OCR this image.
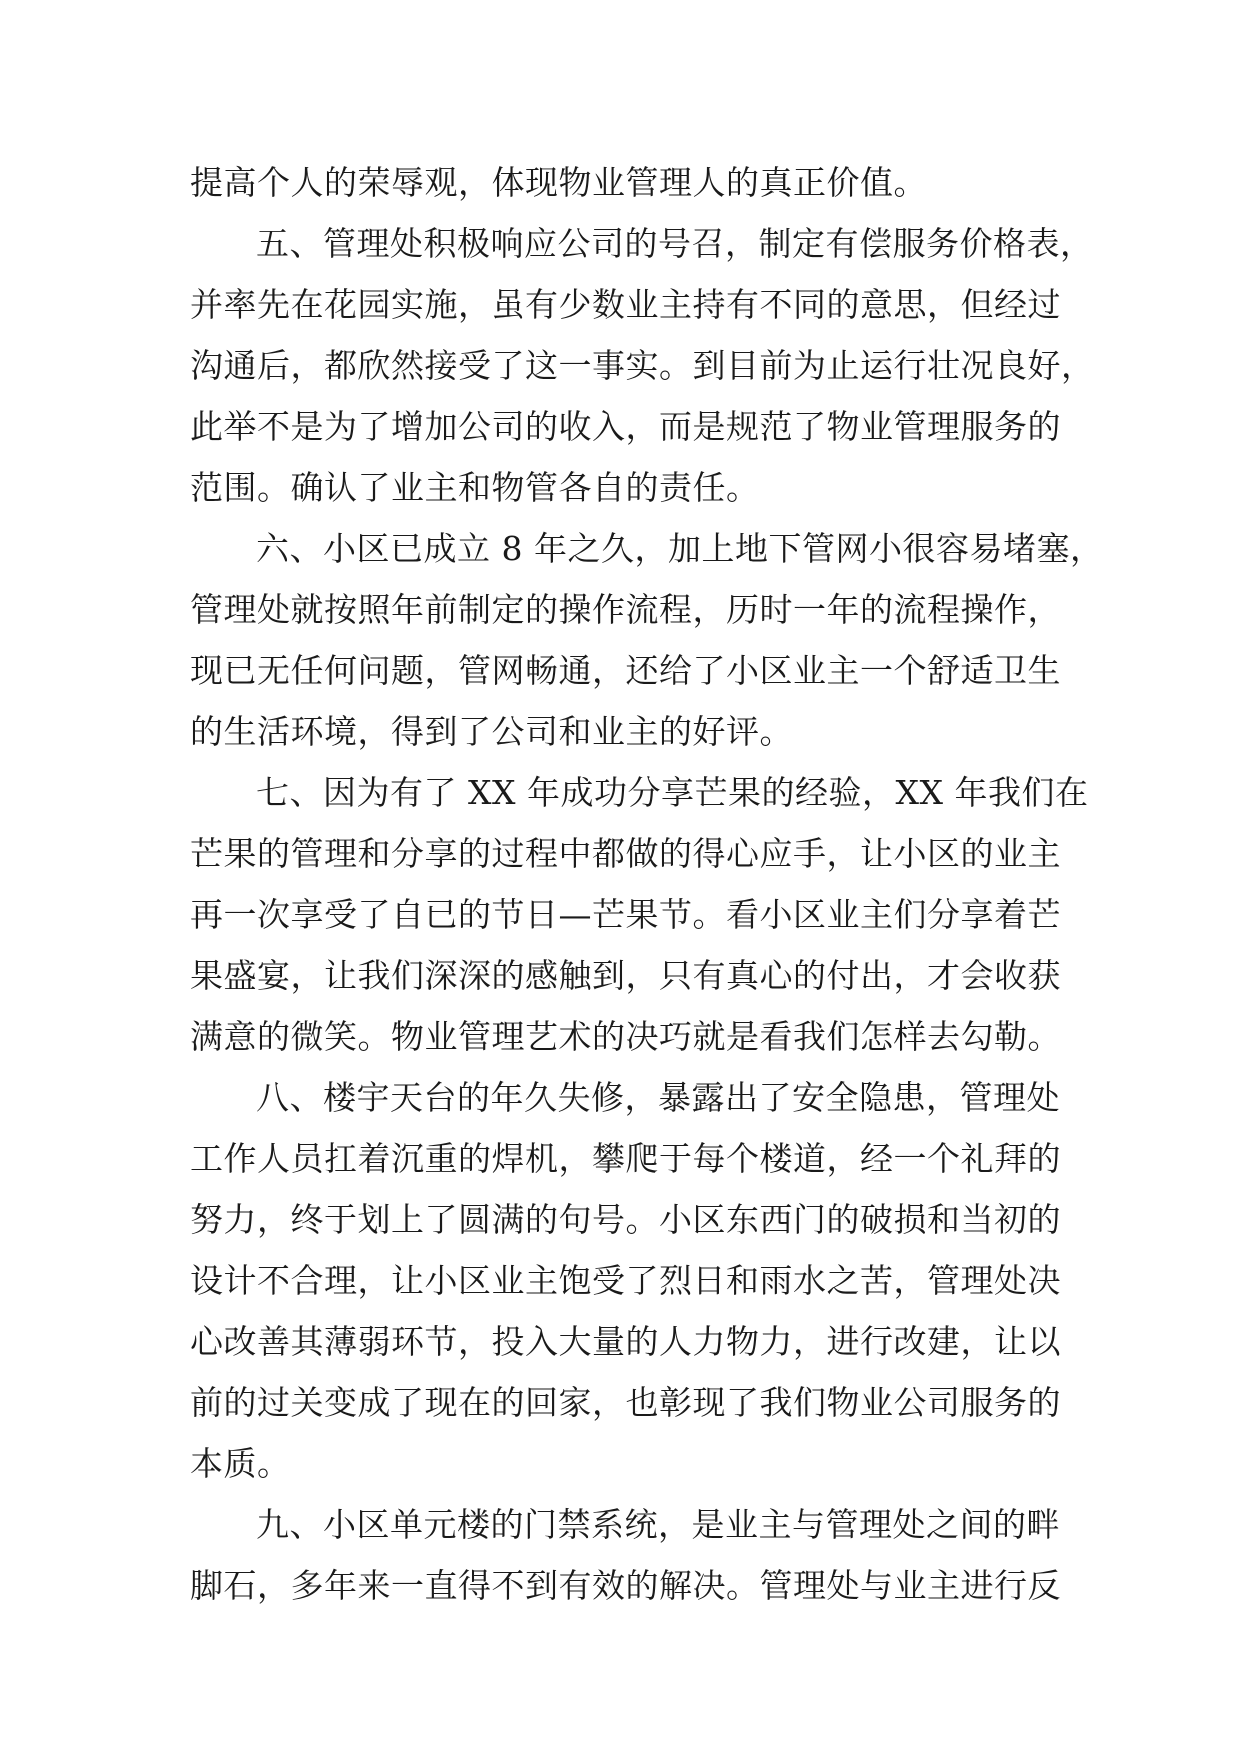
提高个人的荣辱观，体现物业管理人的真正价值。
五、管理处积极响应公司的号召，制定有偿服务价格表，
并率先在花园实施，虽有少数业主持有不同的意思，但经过
沟通后，都欣然接受了这一事实。到目前为止运行壮况良好，
此举不是为了增加公司的收入，而是规范了物业管理服务的
范围。确认了业主和物管各自的责任。
六、小区已成立 8 年之久，加上地下管网小很容易堵塞，
管理处就按照年前制定的操作流程，历时一年的流程操作，
现已无任何问题，管网畅通，还给了小区业主一个舒适卫生
的生活环境，得到了公司和业主的好评。
七、因为有了 XX 年成功分享芒果的经验，XX 年我们在
芒果的管理和分享的过程中都做的得心应手，让小区的业主
再一次享受了自已的节日—芒果节。看小区业主们分享着芒
果盛宴，让我们深深的感触到，只有真心的付出，才会收获
满意的微笑。物业管理艺术的决巧就是看我们怎样去勾勒。
八、楼宇天台的年久失修，暴露出了安全隐患，管理处
工作人员扛着沉重的焊机，攀爬于每个楼道，经一个礼拜的
努力，终于划上了圆满的句号。小区东西门的破损和当初的
设计不合理，让小区业主饱受了烈日和雨水之苦，管理处决
心改善其薄弱环节，投入大量的人力物力，进行改建，让以
前的过关变成了现在的回家，也彰现了我们物业公司服务的
本质。
九、小区单元楼的门禁系统，是业主与管理处之间的畔
脚石，多年来一直得不到有效的解决。管理处与业主进行反
